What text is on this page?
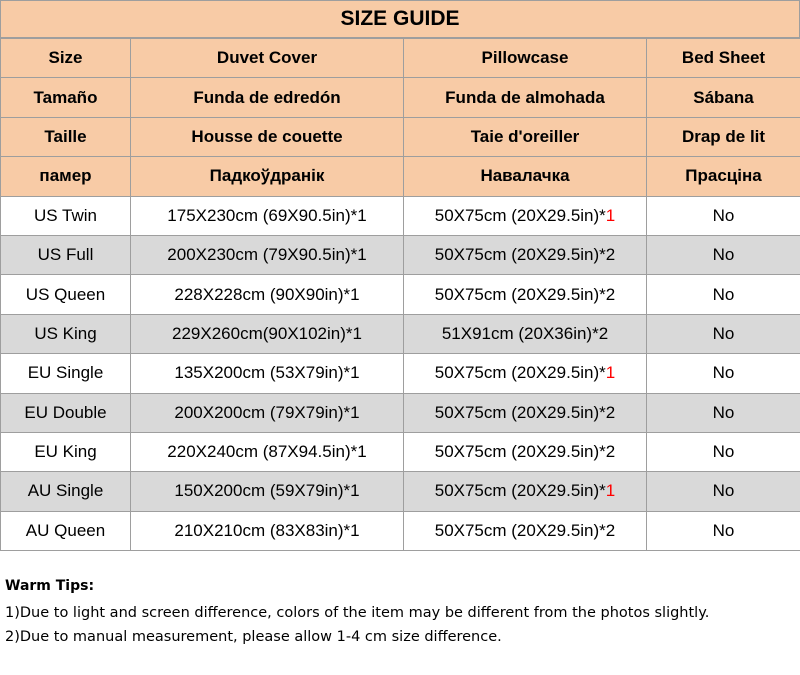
SIZE GUIDE
Size	Duvet Cover	Pillowcase	Bed Sheet
Tamaño	Funda de edredón	Funda de almohada	Sábana
Taille	Housse de couette	Taie d'oreiller	Drap de lit
памер	Падкоўдранік	Навалачка	Прасціна
US Twin	175X230cm (69X90.5in)*1	50X75cm (20X29.5in)*1	No
US Full	200X230cm (79X90.5in)*1	50X75cm (20X29.5in)*2	No
US Queen	228X228cm (90X90in)*1	50X75cm (20X29.5in)*2	No
US King	229X260cm(90X102in)*1	51X91cm (20X36in)*2	No
EU Single	135X200cm (53X79in)*1	50X75cm (20X29.5in)*1	No
EU Double	200X200cm (79X79in)*1	50X75cm (20X29.5in)*2	No
EU King	220X240cm (87X94.5in)*1	50X75cm (20X29.5in)*2	No
AU Single	150X200cm (59X79in)*1	50X75cm (20X29.5in)*1	No
AU Queen	210X210cm (83X83in)*1	50X75cm (20X29.5in)*2	No

Warm Tips:

1)Due to light and screen difference, colors of the item may be different from the photos slightly.

2)Due to manual measurement, please allow 1-4 cm size difference.
